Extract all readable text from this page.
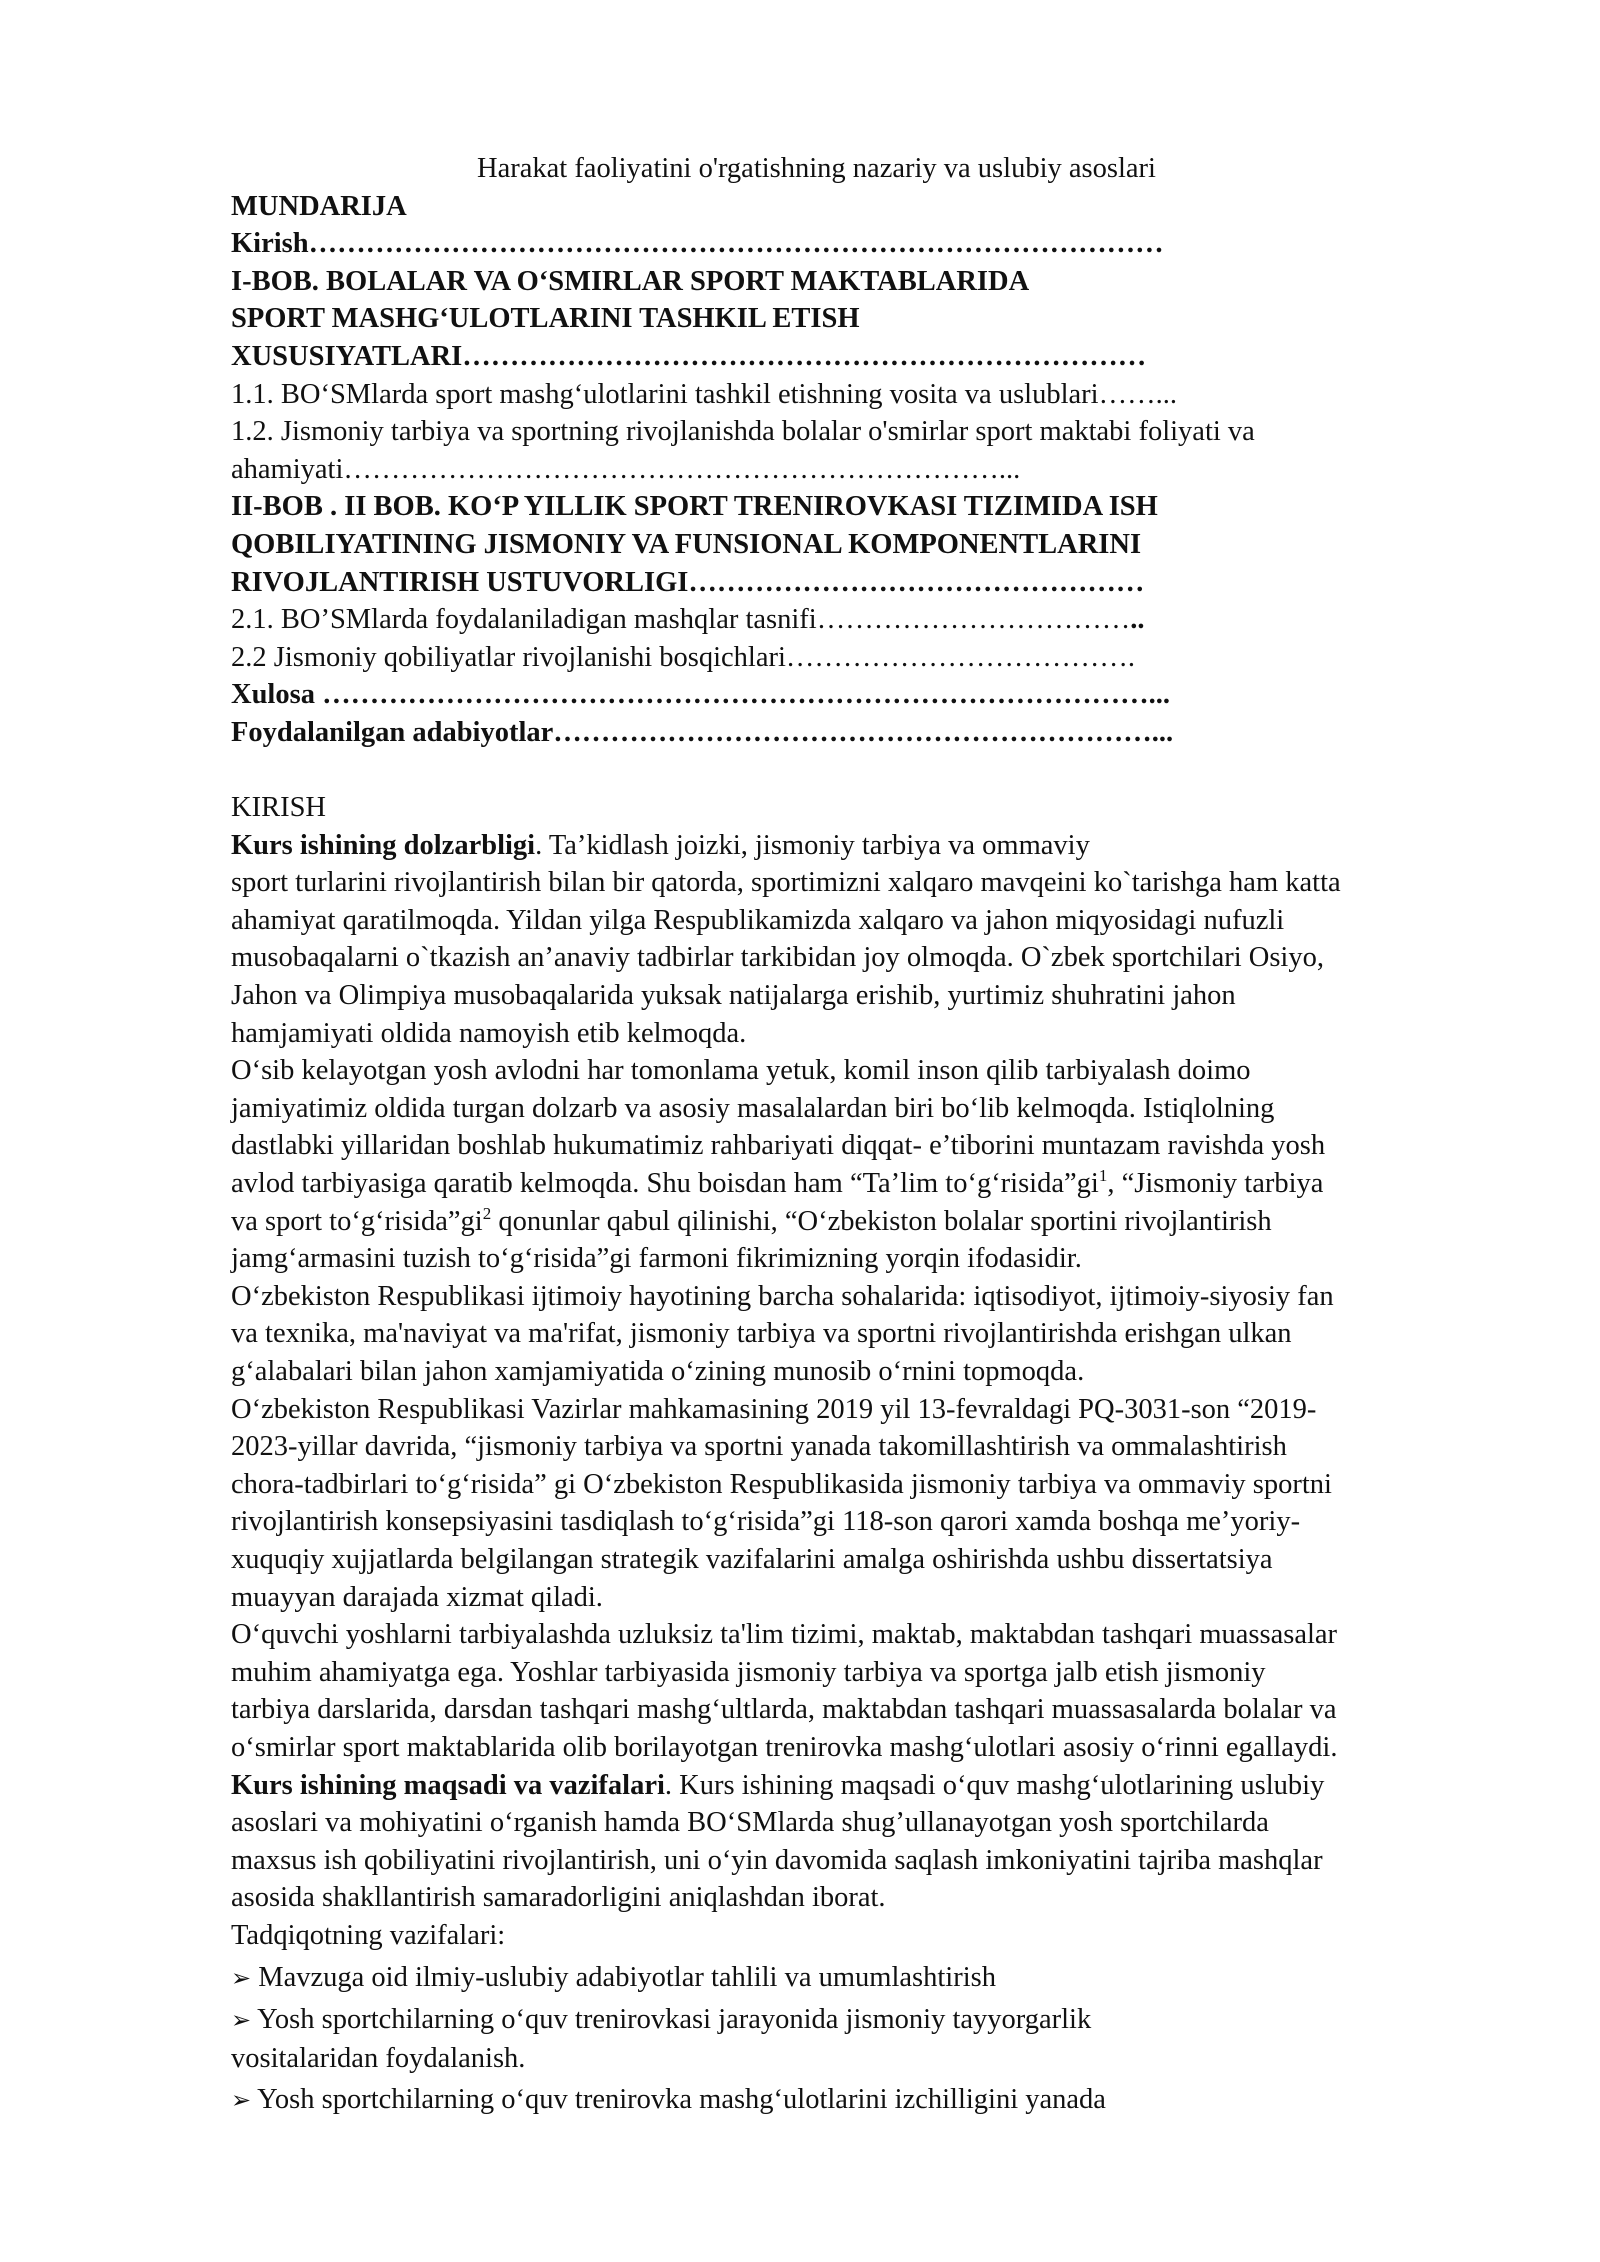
Harakat faoliyatini o'rgatishning nazariy va uslubiy asoslari

MUNDARIJA

Kirish………………………………………………………………………………

I-BOB. BOLALAR VA O‘SMIRLAR SPORT MAKTABLARIDA

SPORT MASHG‘ULOTLARINI TASHKIL ETISH

XUSUSIYATLARI………………………………………………………………

1.1. BO‘SMlarda sport mashg‘ulotlarini tashkil etishning vosita va uslublari……...

1.2. Jismoniy tarbiya va sportning rivojlanishda bolalar o'smirlar sport maktabi foliyati va

ahamiyati……………………………………………………………...

II-BOB . II BOB. KO‘P YILLIK SPORT TRENIROVKASI TIZIMIDA ISH

QOBILIYATINING JISMONIY VA FUNSIONAL KOMPONENTLARINI

RIVOJLANTIRISH USTUVORLIGI…………………………………………

2.1. BO’SMlarda foydalaniladigan mashqlar tasnifi……………………………..

2.2 Jismoniy qobiliyatlar rivojlanishi bosqichlari……………………………….

Xulosa ……………………………………………………………………………...

Foydalanilgan adabiyotlar………………………………………………………...

KIRISH

Kurs ishining dolzarbligi. Ta’kidlash joizki, jismoniy tarbiya va ommaviy
sport turlarini rivojlantirish bilan bir qatorda, sportimizni xalqaro mavqeini ko`tarishga ham katta
ahamiyat qaratilmoqda. Yildan yilga Respublikamizda xalqaro va jahon miqyosidagi nufuzli
musobaqalarni o`tkazish an’anaviy tadbirlar tarkibidan joy olmoqda. O`zbek sportchilari Osiyo,
Jahon va Olimpiya musobaqalarida yuksak natijalarga erishib, yurtimiz shuhratini jahon
hamjamiyati oldida namoyish etib kelmoqda.

O‘sib kelayotgan yosh avlodni har tomonlama yetuk, komil inson qilib tarbiyalash doimo
jamiyatimiz oldida turgan dolzarb va asosiy masalalardan biri bo‘lib kelmoqda. Istiqlolning
dastlabki yillaridan boshlab hukumatimiz rahbariyati diqqat- e’tiborini muntazam ravishda yosh
avlod tarbiyasiga qaratib kelmoqda. Shu boisdan ham “Ta’lim $to‘g‘risida”gi^1$, “Jismoniy tarbiya
va sport $to‘g‘risida”gi^2$ qonunlar qabul qilinishi, “O‘zbekiston bolalar sportini rivojlantirish
jamg‘armasini tuzish to‘g‘risida”gi farmoni fikrimizning yorqin ifodasidir.

O‘zbekiston Respublikasi ijtimoiy hayotining barcha sohalarida: iqtisodiyot, ijtimoiy-siyosiy fan
va texnika, ma'naviyat va ma'rifat, jismoniy tarbiya va sportni rivojlantirishda erishgan ulkan
g‘alabalari bilan jahon xamjamiyatida o‘zining munosib o‘rnini topmoqda.

O‘zbekiston Respublikasi Vazirlar mahkamasining 2019 yil 13-fevraldagi PQ-3031-son “2019-
2023-yillar davrida, “jismoniy tarbiya va sportni yanada takomillashtirish va ommalashtirish
chora-tadbirlari to‘g‘risida” gi O‘zbekiston Respublikasida jismoniy tarbiya va ommaviy sportni
rivojlantirish konsepsiyasini tasdiqlash to‘g‘risida”gi 118-son qarori xamda boshqa me’yoriy-
xuquqiy xujjatlarda belgilangan strategik vazifalarini amalga oshirishda ushbu dissertatsiya
muayyan darajada xizmat qiladi.

O‘quvchi yoshlarni tarbiyalashda uzluksiz ta'lim tizimi, maktab, maktabdan tashqari muassasalar
muhim ahamiyatga ega. Yoshlar tarbiyasida jismoniy tarbiya va sportga jalb etish jismoniy
tarbiya darslarida, darsdan tashqari mashg‘ultlarda, maktabdan tashqari muassasalarda bolalar va
o‘smirlar sport maktablarida olib borilayotgan trenirovka mashg‘ulotlari asosiy o‘rinni egallaydi.

Kurs ishining maqsadi va vazifalari. Kurs ishining maqsadi o‘quv mashg‘ulotlarining uslubiy
asoslari va mohiyatini o‘rganish hamda BO‘SMlarda shug’ullanayotgan yosh sportchilarda
maxsus ish qobiliyatini rivojlantirish, uni o‘yin davomida saqlash imkoniyatini tajriba mashqlar
asosida shakllantirish samaradorligini aniqlashdan iborat.

Tadqiqotning vazifalari:

➢ Mavzuga oid ilmiy-uslubiy adabiyotlar tahlili va umumlashtirish

➢ Yosh sportchilarning o‘quv trenirovkasi jarayonida jismoniy tayyorgarlik
vositalaridan foydalanish.

➢ Yosh sportchilarning o‘quv trenirovka mashg‘ulotlarini izchilligini yanada
